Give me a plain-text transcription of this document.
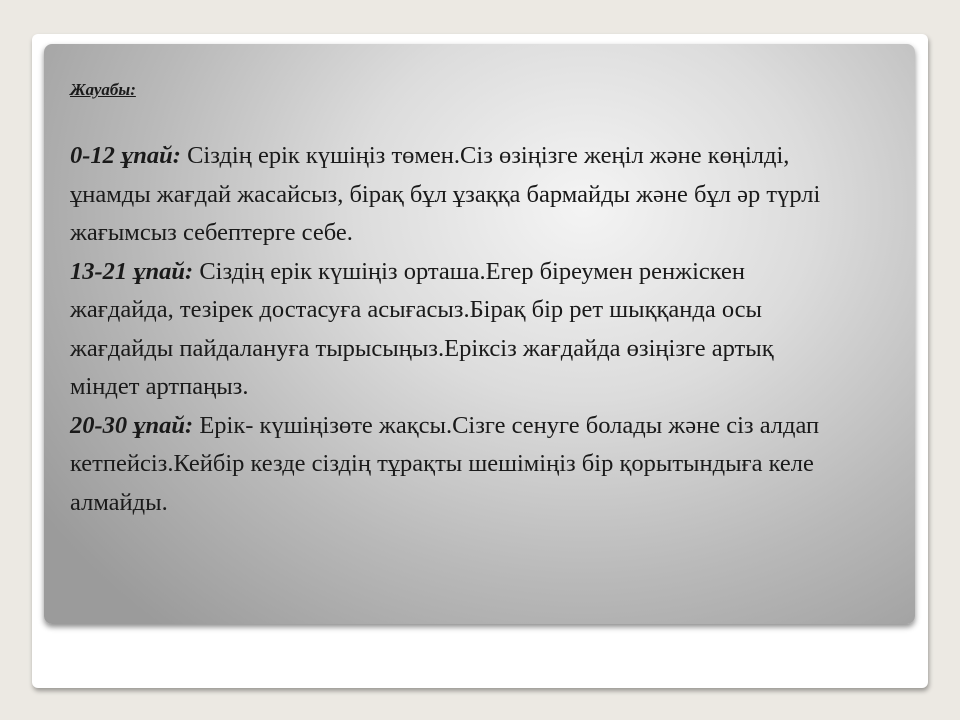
Жауабы:

0-12 ұпай: Сіздің ерік күшіңіз төмен.Сіз өзіңізге жеңіл және көңілді, ұнамды жағдай жасайсыз, бірақ бұл ұзаққа бармайды және бұл әр түрлі жағымсыз себептерге себе.

13-21 ұпай: Сіздің ерік күшіңіз орташа.Егер біреумен ренжіскен жағдайда, тезірек достасуға асығасыз.Бірақ бір рет шыққанда осы жағдайды пайдалануға тырысыңыз.Еріксіз жағдайда өзіңізге артық міндет артпаңыз.

20-30 ұпай: Ерік- күшіңізөте жақсы.Сізге сенуге болады және сіз алдап кетпейсіз.Кейбір кезде сіздің тұрақты шешіміңіз бір қорытындыға келе алмайды.
